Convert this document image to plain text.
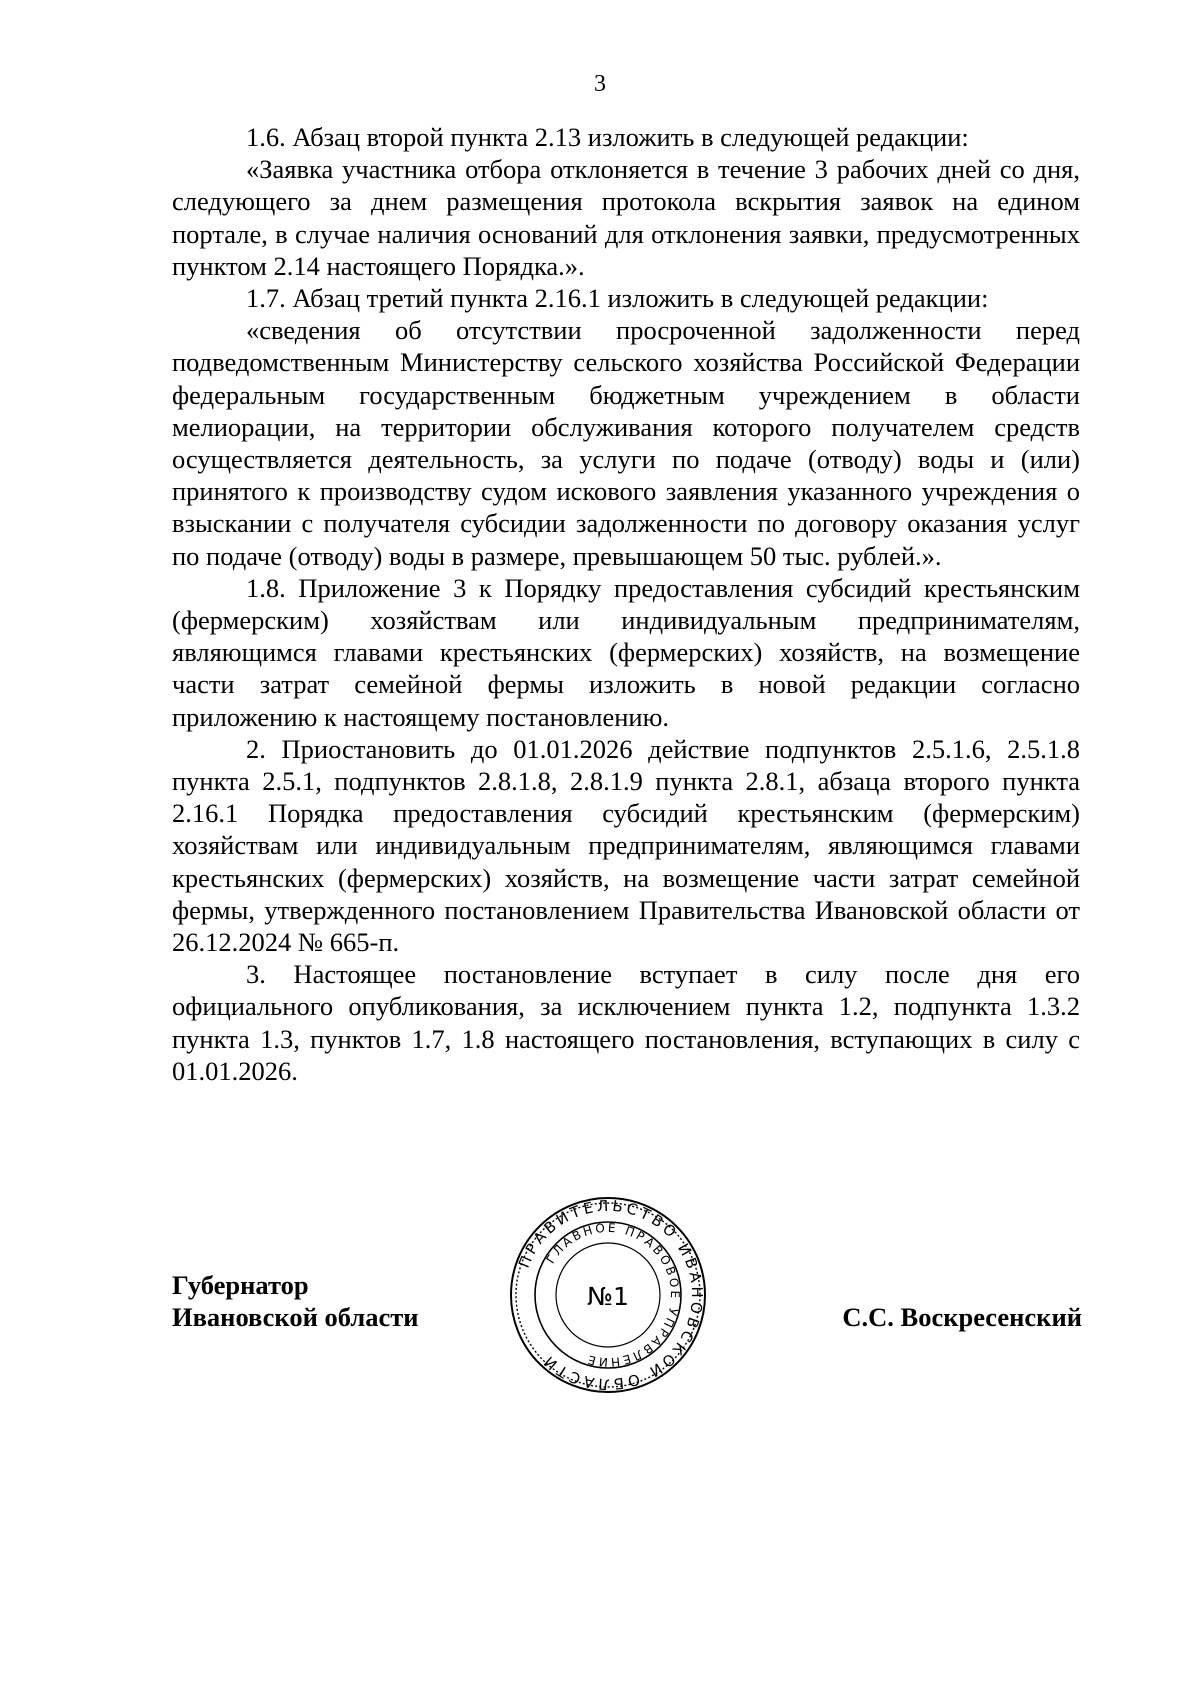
3

1.6. Абзац второй пункта 2.13 изложить в следующей редакции:

«Заявка участника отбора отклоняется в течение 3 рабочих дней со дня, следующего за днем размещения протокола вскрытия заявок на едином портале, в случае наличия оснований для отклонения заявки, предусмотренных пунктом 2.14 настоящего Порядка.».

1.7. Абзац третий пункта 2.16.1 изложить в следующей редакции:

«сведения об отсутствии просроченной задолженности перед подведомственным Министерству сельского хозяйства Российской Федерации федеральным государственным бюджетным учреждением в области мелиорации, на территории обслуживания которого получателем средств осуществляется деятельность, за услуги по подаче (отводу) воды и (или) принятого к производству судом искового заявления указанного учреждения о взыскании с получателя субсидии задолженности по договору оказания услуг по подаче (отводу) воды в размере, превышающем 50 тыс. рублей.».

1.8. Приложение 3 к Порядку предоставления субсидий крестьянским (фермерским) хозяйствам или индивидуальным предпринимателям, являющимся главами крестьянских (фермерских) хозяйств, на возмещение части затрат семейной фермы изложить в новой редакции согласно приложению к настоящему постановлению.

2. Приостановить до 01.01.2026 действие подпунктов 2.5.1.6, 2.5.1.8 пункта 2.5.1, подпунктов 2.8.1.8, 2.8.1.9 пункта 2.8.1, абзаца второго пункта 2.16.1 Порядка предоставления субсидий крестьянским (фермерским) хозяйствам или индивидуальным предпринимателям, являющимся главами крестьянских (фермерских) хозяйств, на возмещение части затрат семейной фермы, утвержденного постановлением Правительства Ивановской области от 26.12.2024 № 665-п.

3. Настоящее постановление вступает в силу после дня его официального опубликования, за исключением пункта 1.2, подпункта 1.3.2 пункта 1.3, пунктов 1.7, 1.8 настоящего постановления, вступающих в силу с 01.01.2026.

Губернатор
Ивановской области
ПРАВИТЕЛЬСТВО ИВАНОВСКОЙ ОБЛАСТИ
ГЛАВНОЕ ПРАВОВОЕ УПРАВЛЕНИЕ
№1
С.С. Воскресенский
